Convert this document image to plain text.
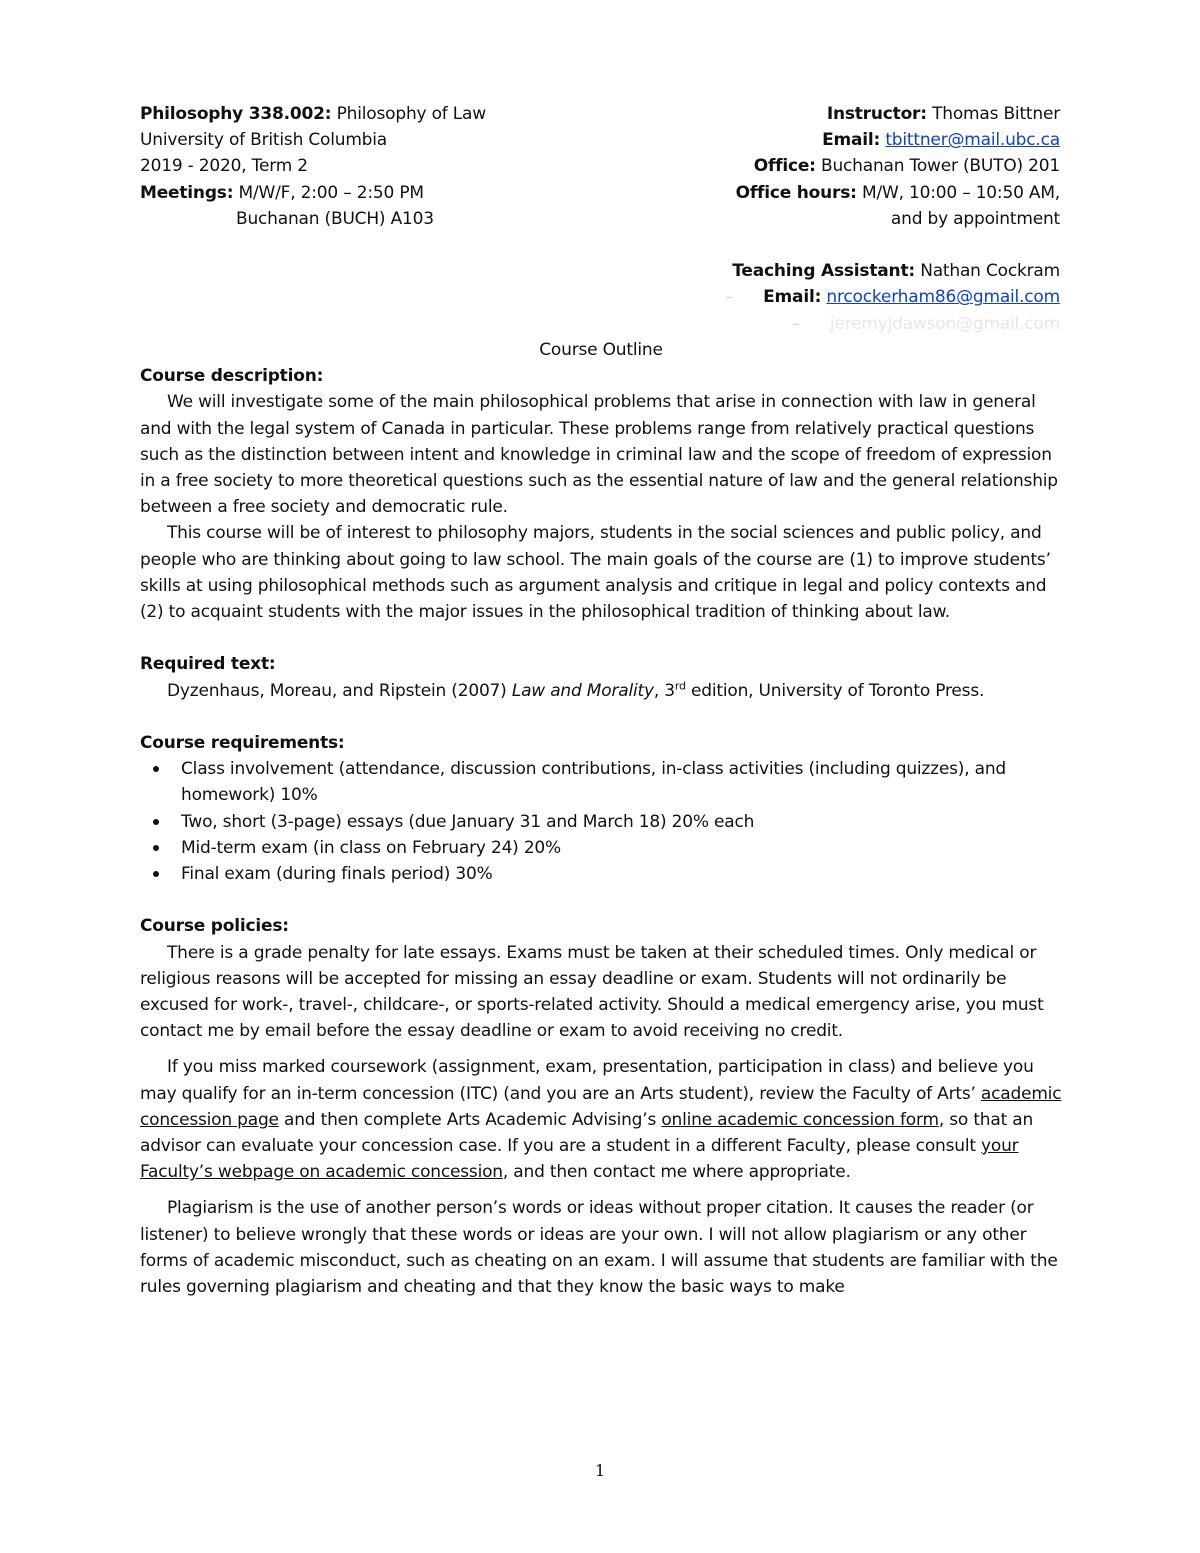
Philosophy 338.002: Philosophy of Law
University of British Columbia
2019 - 2020, Term 2
Meetings: M/W/F, 2:00 – 2:50 PM
Buchanan (BUCH) A103
Instructor: Thomas Bittner
Email: tbittner@mail.ubc.ca
Office: Buchanan Tower (BUTO) 201
Office hours: M/W, 10:00 – 10:50 AM,
and by appointment
Teaching Assistant: Nathan Cockram
– Email: nrcockerham86@gmail.com
– jeremyjdawson@gmail.com
Course Outline

Course description:

We will investigate some of the main philosophical problems that arise in connection with law in general and with the legal system of Canada in particular. These problems range from relatively practical questions such as the distinction between intent and knowledge in criminal law and the scope of freedom of expression in a free society to more theoretical questions such as the essential nature of law and the general relationship between a free society and democratic rule.

This course will be of interest to philosophy majors, students in the social sciences and public policy, and people who are thinking about going to law school. The main goals of the course are (1) to improve students’ skills at using philosophical methods such as argument analysis and critique in legal and policy contexts and (2) to acquaint students with the major issues in the philosophical tradition of thinking about law.

Required text:

Dyzenhaus, Moreau, and Ripstein (2007) Law and Morality, 3rd edition, University of Toronto Press.

Course requirements:

Class involvement (attendance, discussion contributions, in-class activities (including quizzes), and homework) 10%
Two, short (3-page) essays (due January 31 and March 18) 20% each
Mid-term exam (in class on February 24) 20%
Final exam (during finals period) 30%

Course policies:

There is a grade penalty for late essays. Exams must be taken at their scheduled times. Only medical or religious reasons will be accepted for missing an essay deadline or exam. Students will not ordinarily be excused for work-, travel-, childcare-, or sports-related activity. Should a medical emergency arise, you must contact me by email before the essay deadline or exam to avoid receiving no credit.

If you miss marked coursework (assignment, exam, presentation, participation in class) and believe you may qualify for an in-term concession (ITC) (and you are an Arts student), review the Faculty of Arts’ academic concession page and then complete Arts Academic Advising’s online academic concession form, so that an advisor can evaluate your concession case. If you are a student in a different Faculty, please consult your Faculty’s webpage on academic concession, and then contact me where appropriate.

Plagiarism is the use of another person’s words or ideas without proper citation. It causes the reader (or listener) to believe wrongly that these words or ideas are your own. I will not allow plagiarism or any other forms of academic misconduct, such as cheating on an exam. I will assume that students are familiar with the rules governing plagiarism and cheating and that they know the basic ways to make

1
